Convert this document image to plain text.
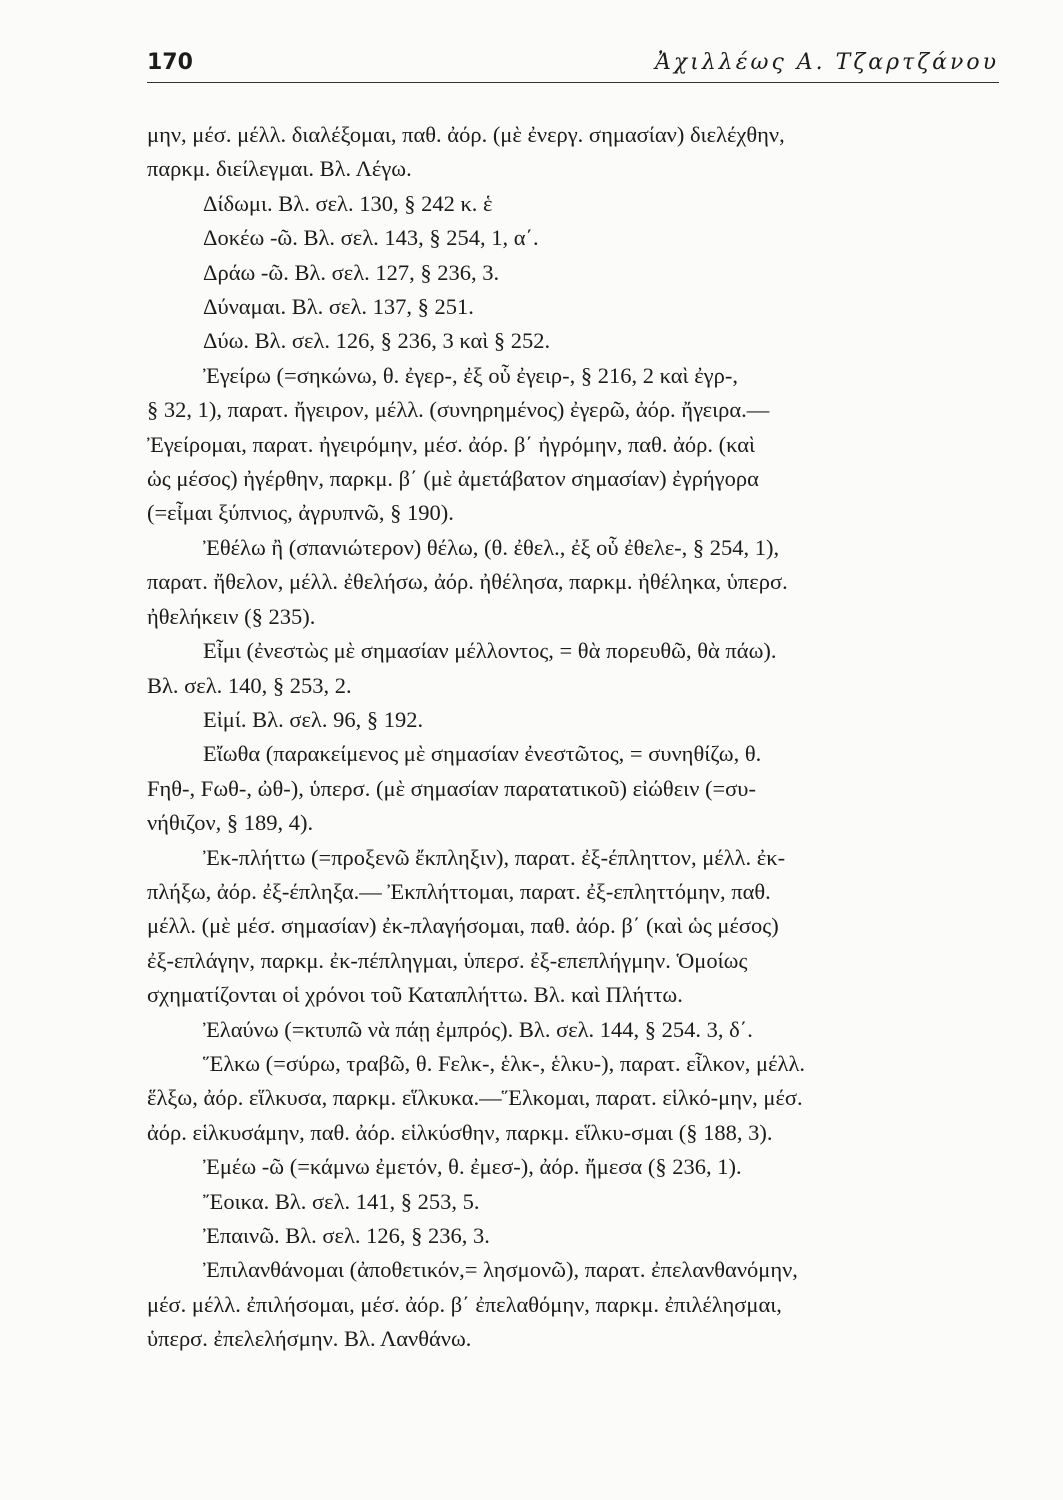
170	Ἀχιλλέως Α. Τζαρτζάνου
μην, μέσ. μέλλ. διαλέξομαι, παθ. ἀόρ. (μὲ ἐνεργ. σημασίαν) διελέχθην,
παρκμ. διείλεγμαι. Βλ. Λέγω.
Δίδωμι. Βλ. σελ. 130, § 242 κ. ἑ
Δοκέω -ῶ. Βλ. σελ. 143, § 254, 1, α΄.
Δράω -ῶ. Βλ. σελ. 127, § 236, 3.
Δύναμαι. Βλ. σελ. 137, § 251.
Δύω. Βλ. σελ. 126, § 236, 3 καὶ § 252.
Ἐγείρω (=σηκώνω, θ. ἐγερ-, ἐξ οὗ ἐγειρ-, § 216, 2 καὶ ἐγρ-,
§ 32, 1), παρατ. ἤγειρον, μέλλ. (συνηρημένος) ἐγερῶ, ἀόρ. ἤγειρα.—
Ἐγείρομαι, παρατ. ἠγειρόμην, μέσ. ἀόρ. β΄ ἠγρόμην, παθ. ἀόρ. (καὶ
ὡς μέσος) ἠγέρθην, παρκμ. β΄ (μὲ ἀμετάβατον σημασίαν) ἐγρήγορα
(=εἶμαι ξύπνιος, ἀγρυπνῶ, § 190).
Ἐθέλω ἢ (σπανιώτερον) θέλω, (θ. ἐθελ., ἐξ οὗ ἐθελε-, § 254, 1),
παρατ. ἤθελον, μέλλ. ἐθελήσω, ἀόρ. ἠθέλησα, παρκμ. ἠθέληκα, ὑπερσ.
ἠθελήκειν (§ 235).
Εἶμι (ἐνεστὼς μὲ σημασίαν μέλλοντος, = θὰ πορευθῶ, θὰ πάω).
Βλ. σελ. 140, § 253, 2.
Εἰμί. Βλ. σελ. 96, § 192.
Εἴωθα (παρακείμενος μὲ σημασίαν ἐνεστῶτος, = συνηθίζω, θ.
Fηθ-, Fωθ-, ὠθ-), ὑπερσ. (μὲ σημασίαν παρατατικοῦ) εἰώθειν (=συ-
νήθιζον, § 189, 4).
Ἐκ-πλήττω (=προξενῶ ἔκπληξιν), παρατ. ἐξ-έπληττον, μέλλ. ἐκ-
πλήξω, ἀόρ. ἐξ-έπληξα.— Ἐκπλήττομαι, παρατ. ἐξ-επληττόμην, παθ.
μέλλ. (μὲ μέσ. σημασίαν) ἐκ-πλαγήσομαι, παθ. ἀόρ. β΄ (καὶ ὡς μέσος)
ἐξ-επλάγην, παρκμ. ἐκ-πέπληγμαι, ὑπερσ. ἐξ-επεπλήγμην. Ὁμοίως
σχηματίζονται οἱ χρόνοι τοῦ Καταπλήττω. Βλ. καὶ Πλήττω.
Ἐλαύνω (=κτυπῶ νὰ πάῃ ἐμπρός). Βλ. σελ. 144, § 254. 3, δ΄.
Ἕλκω (=σύρω, τραβῶ, θ. Fελκ-, ἑλκ-, ἑλκυ-), παρατ. εἷλκον, μέλλ.
ἕλξω, ἀόρ. εἵλκυσα, παρκμ. εἵλκυκα.—Ἕλκομαι, παρατ. εἱλκό-μην, μέσ.
ἀόρ. εἱλκυσάμην, παθ. ἀόρ. εἱλκύσθην, παρκμ. εἵλκυ-σμαι (§ 188, 3).
Ἐμέω -ῶ (=κάμνω ἐμετόν, θ. ἐμεσ-), ἀόρ. ἤμεσα (§ 236, 1).
Ἔοικα. Βλ. σελ. 141, § 253, 5.
Ἐπαινῶ. Βλ. σελ. 126, § 236, 3.
Ἐπιλανθάνομαι (ἀποθετικόν,= λησμονῶ), παρατ. ἐπελανθανόμην,
μέσ. μέλλ. ἐπιλήσομαι, μέσ. ἀόρ. β΄ ἐπελαθόμην, παρκμ. ἐπιλέλησμαι,
ὑπερσ. ἐπελελήσμην. Βλ. Λανθάνω.
